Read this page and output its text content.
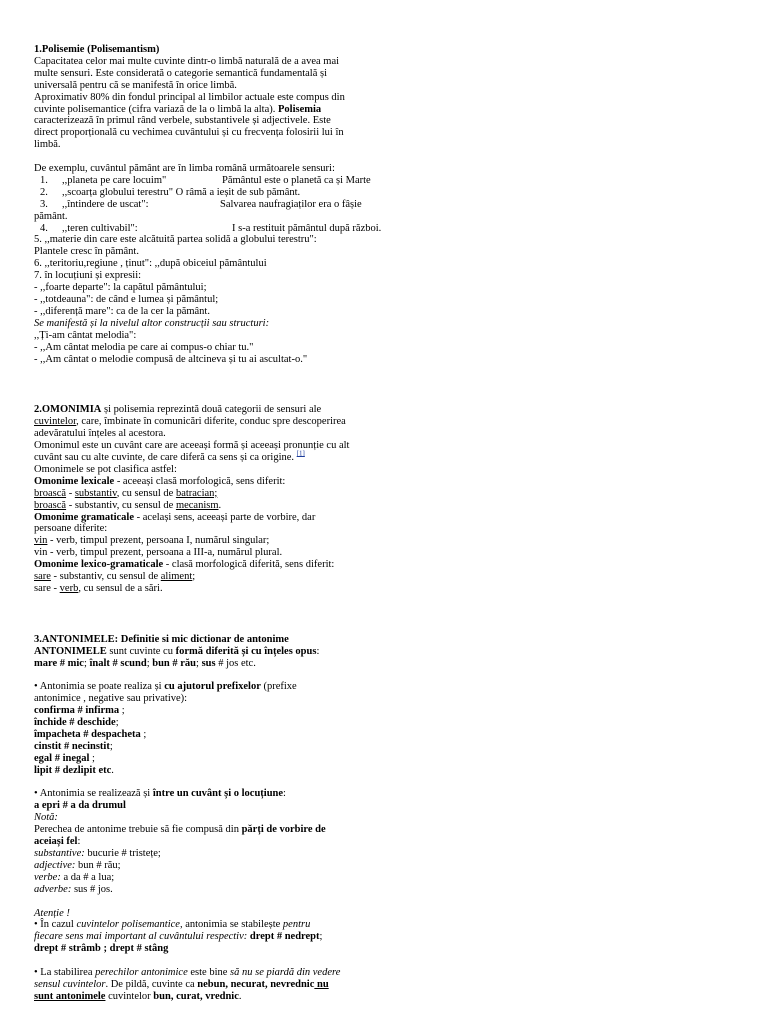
1.Polisemie (Polisemantism)
Capacitatea celor mai multe cuvinte dintr-o limbă naturală de a avea mai
multe sensuri. Este considerată o categorie semantică fundamentală și
universală pentru că se manifestă în orice limbă.
Aproximativ 80% din fondul principal al limbilor actuale este compus din
cuvinte polisemantice (cifra variază de la o limbă la alta). Polisemia
caracterizează în primul rând verbele, substantivele și adjectivele. Este
direct proporțională cu vechimea cuvântului și cu frecvența folosirii lui în
limbă.
De exemplu, cuvântul pământ are în limba română următoarele sensuri:
1. ,,planeta pe care locuim"	Pământul este o planetă ca și Marte
2. ,,scoarța globului terestru" O râmă a ieșit de sub pământ.
3. ,,întindere de uscat":	Salvarea naufragiaților era o fâșie
pământ.
4. ,,teren cultivabil":	I s-a restituit pământul după război.
5. ,,materie din care este alcătuită partea solidă a globului terestru":
Plantele cresc în pământ.
6. ,,teritoriu,regiune , ținut": ,,după obiceiul pământului
7. în locuțiuni și expresii:
- ,,foarte departe": la capătul pământului;
- ,,totdeauna": de când e lumea și pământul;
- ,,diferență mare": ca de la cer la pământ.
Se manifestă și la nivelul altor construcții sau structuri:
,,Ți-am cântat melodia":
- ,,Am cântat melodia pe care ai compus-o chiar tu."
- ,,Am cântat o melodie compusă de altcineva și tu ai ascultat-o."
2.OMONIMIA și polisemia reprezintă două categorii de sensuri ale
cuvintelor, care, îmbinate în comunicări diferite, conduc spre descoperirea
adevăratului înțeles al acestora.
Omonimul este un cuvânt care are aceeași formă și aceeași pronunție cu alt
cuvânt sau cu alte cuvinte, de care diferă ca sens și ca origine. [1]
Omonimele se pot clasifica astfel:
Omonime lexicale - aceeași clasă morfologică, sens diferit:
broască - substantiv, cu sensul de batracian;
broască - substantiv, cu sensul de mecanism.
Omonime gramaticale - același sens, aceeași parte de vorbire, dar
persoane diferite:
vin - verb, timpul prezent, persoana I, numărul singular;
vin - verb, timpul prezent, persoana a III-a, numărul plural.
Omonime lexico-gramaticale - clasă morfologică diferită, sens diferit:
sare - substantiv, cu sensul de aliment;
sare - verb, cu sensul de a sări.
3.ANTONIMELE: Definitie si mic dictionar de antonime
ANTONIMELE sunt cuvinte cu formă diferită și cu înțeles opus:
mare # mic; înalt # scund; bun # rău; sus # jos etc.
• Antonimia se poate realiza și cu ajutorul prefixelor (prefixe
antonimice , negative sau privative):
confirma # infirma ;
închide # deschide;
împacheta # despacheta ;
cinstit # necinstit;
egal # inegal ;
lipit # dezlipit etc.
• Antonimia se realizează și între un cuvânt și o locuțiune:
a epri # a da drumul
Notă:
Perechea de antonime trebuie să fie compusă din părți de vorbire de
aceiași fel:
substantive: bucurie # tristețe;
adjective: bun # rău;
verbe: a da # a lua;
adverbe: sus # jos.
Atenție !
• În cazul cuvintelor polisemantice, antonimia se stabilește pentru
fiecare sens mai important al cuvântului respectiv: drept # nedrept;
drept # strâmb ; drept # stâng
• La stabilirea perechilor antonimice este bine să nu se piardă din vedere
sensul cuvintelor. De pildă, cuvinte ca nebun, necurat, nevrednic nu
sunt antonimele cuvintelor bun, curat, vrednic.
